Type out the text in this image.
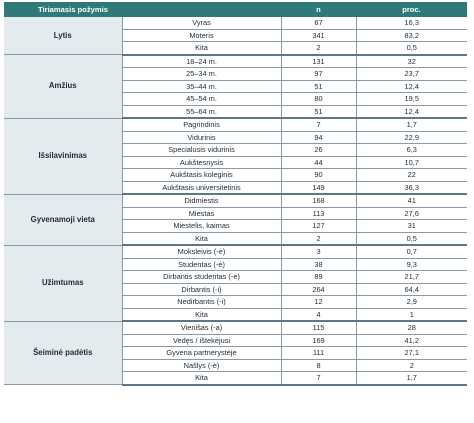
Tiriamasis požymis		n	proc.
Lytis	Vyras	67	16,3
	Moteris	341	83,2
	Kita	2	0,5
Amžius	18–24 m.	131	32
	25–34 m.	97	23,7
	35–44 m.	51	12,4
	45–54 m.	80	19,5
	55–64 m.	51	12,4
Išsilavinimas	Pagrindinis	7	1,7
	Vidurinis	94	22,9
	Specialusis vidurinis	26	6,3
	Aukštesnysis	44	10,7
	Aukštasis koleginis	90	22
	Aukštasis universitetinis	149	36,3
Gyvenamoji vieta	Didmiestis	168	41
	Miestas	113	27,6
	Miestelis, kaimas	127	31
	Kita	2	0,5
Užimtumas	Moksleivis (-ė)	3	0,7
	Studentas (-ė)	38	9,3
	Dirbantis studentas (-ė)	89	21,7
	Dirbantis (-i)	264	64,4
	Nedirbantis (-i)	12	2,9
	Kita	4	1
Šeiminė padėtis	Vienišas (-a)	115	28
	Vedęs / ištekėjusi	169	41,2
	Gyvena partnerystėje	111	27,1
	Našlys (-ė)	8	2
	Kita	7	1,7
